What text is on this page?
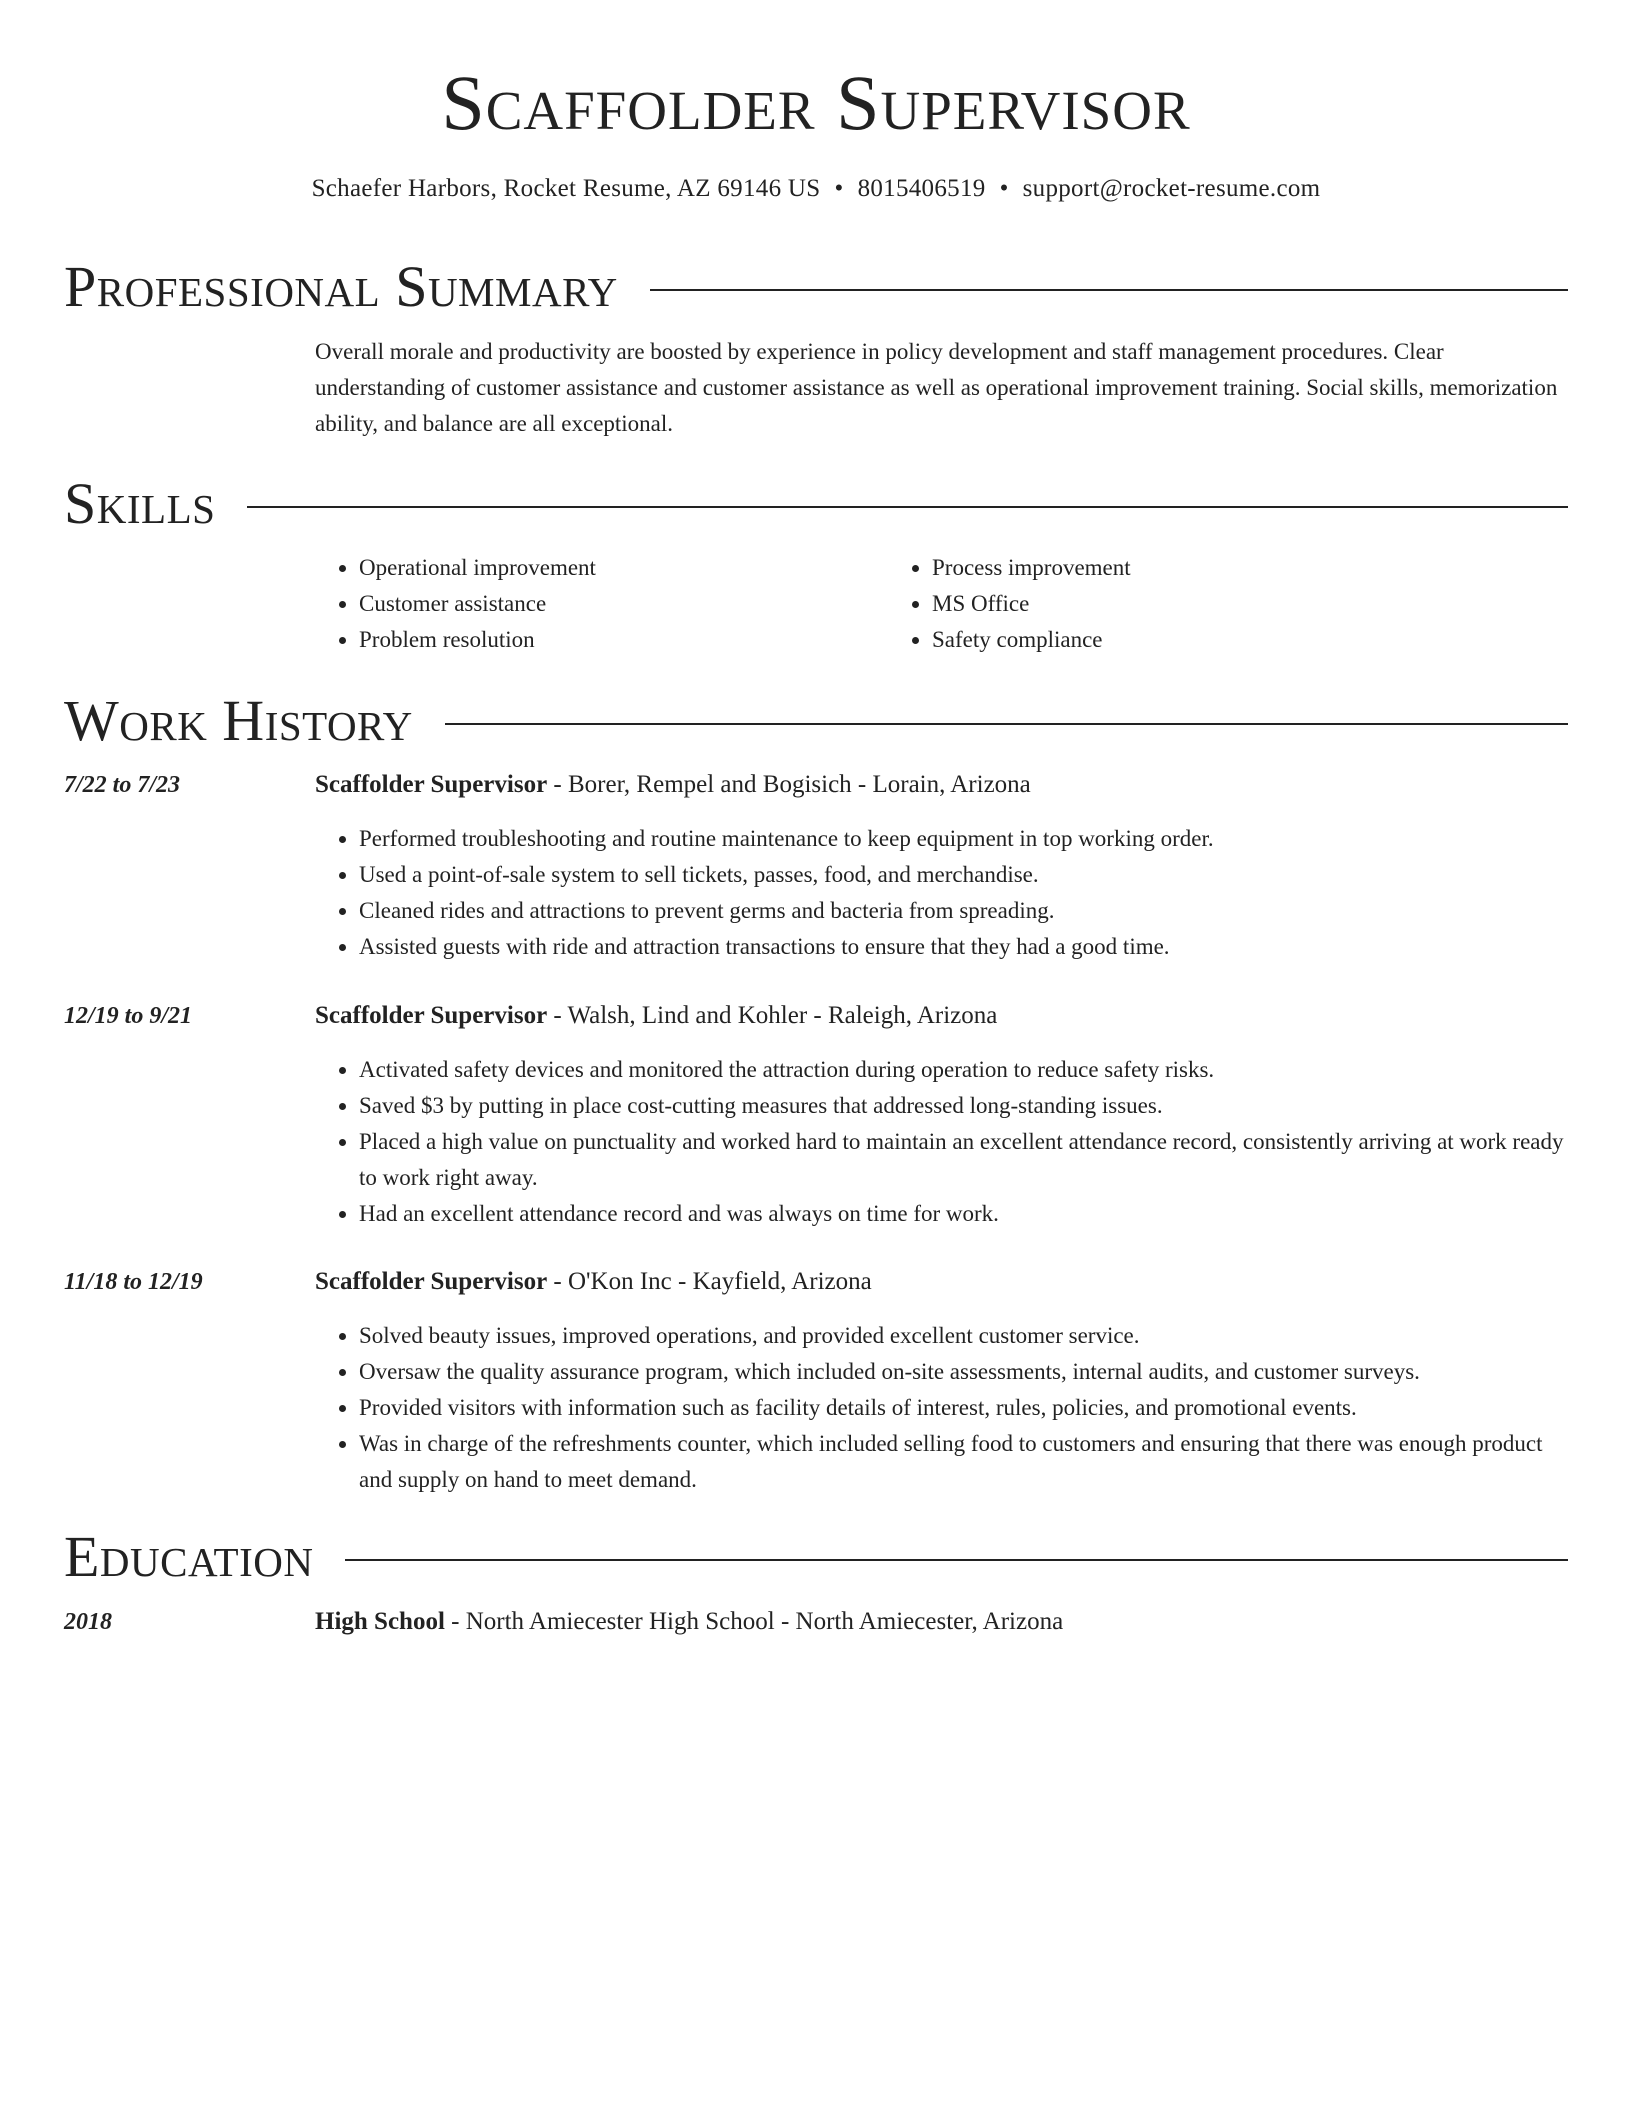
Scaffolder Supervisor
Schaefer Harbors, Rocket Resume, AZ 69146 US • 8015406519 • support@rocket-resume.com
Professional Summary

Overall morale and productivity are boosted by experience in policy development and staff management procedures. Clear understanding of customer assistance and customer assistance as well as operational improvement training. Social skills, memorization ability, and balance are all exceptional.

Skills
• Operational improvement
• Customer assistance
• Problem resolution
• Process improvement
• MS Office
• Safety compliance
Work History
7/22 to 7/23	Scaffolder Supervisor - Borer, Rempel and Bogisich - Lorain, Arizona
• Performed troubleshooting and routine maintenance to keep equipment in top working order.
• Used a point-of-sale system to sell tickets, passes, food, and merchandise.
• Cleaned rides and attractions to prevent germs and bacteria from spreading.
• Assisted guests with ride and attraction transactions to ensure that they had a good time.
12/19 to 9/21	Scaffolder Supervisor - Walsh, Lind and Kohler - Raleigh, Arizona
• Activated safety devices and monitored the attraction during operation to reduce safety risks.
• Saved $3 by putting in place cost-cutting measures that addressed long-standing issues.
• Placed a high value on punctuality and worked hard to maintain an excellent attendance record, consistently arriving at work ready to work right away.
• Had an excellent attendance record and was always on time for work.
11/18 to 12/19	Scaffolder Supervisor - O'Kon Inc - Kayfield, Arizona
• Solved beauty issues, improved operations, and provided excellent customer service.
• Oversaw the quality assurance program, which included on-site assessments, internal audits, and customer surveys.
• Provided visitors with information such as facility details of interest, rules, policies, and promotional events.
• Was in charge of the refreshments counter, which included selling food to customers and ensuring that there was enough product and supply on hand to meet demand.
Education
2018	High School - North Amiecester High School - North Amiecester, Arizona
